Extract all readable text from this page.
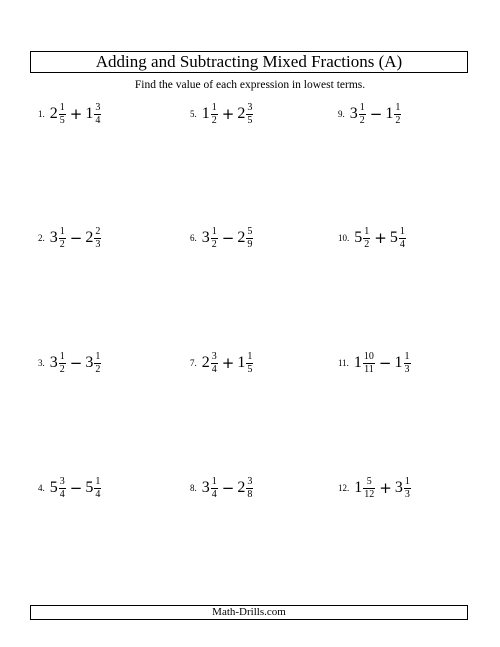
Adding and Subtracting Mixed Fractions (A)
Find the value of each expression in lowest terms.
1. $2 \frac{1}{5} + 1 \frac{3}{4}$
2. $3 \frac{1}{2} - 2 \frac{2}{3}$
3. $3 \frac{1}{2} - 3 \frac{1}{2}$
4. $5 \frac{3}{4} - 5 \frac{1}{4}$
5. $1 \frac{1}{2} + 2 \frac{3}{5}$
6. $3 \frac{1}{2} - 2 \frac{5}{9}$
7. $2 \frac{3}{4} + 1 \frac{1}{5}$
8. $3 \frac{1}{4} - 2 \frac{3}{8}$
9. $3 \frac{1}{2} - 1 \frac{1}{2}$
10. $5 \frac{1}{2} + 5 \frac{1}{4}$
11. $1 \frac{10}{11} - 1 \frac{1}{3}$
12. $1 \frac{5}{12} + 3 \frac{1}{3}$
Math-Drills.com
